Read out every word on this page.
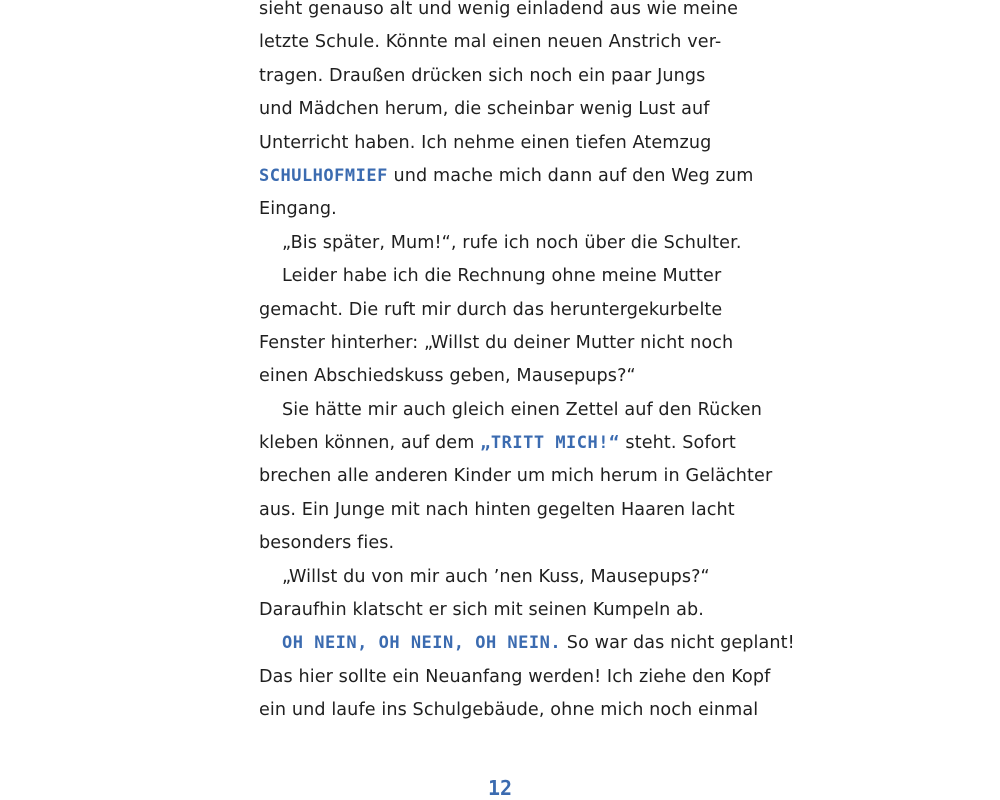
sieht genauso alt und wenig einladend aus wie meine
letzte Schule. Könnte mal einen neuen Anstrich ver-
tragen. Draußen drücken sich noch ein paar Jungs
und Mädchen herum, die scheinbar wenig Lust auf
Unterricht haben. Ich nehme einen tiefen Atemzug
SCHULHOFMIEF und mache mich dann auf den Weg zum
Eingang.
„Bis später, Mum!“, rufe ich noch über die Schulter.
Leider habe ich die Rechnung ohne meine Mutter
gemacht. Die ruft mir durch das heruntergekurbelte
Fenster hinterher: „Willst du deiner Mutter nicht noch
einen Abschiedskuss geben, Mausepups?“
Sie hätte mir auch gleich einen Zettel auf den Rücken
kleben können, auf dem „TRITT MICH!“ steht. Sofort
brechen alle anderen Kinder um mich herum in Gelächter
aus. Ein Junge mit nach hinten gegelten Haaren lacht
besonders fies.
„Willst du von mir auch ’nen Kuss, Mausepups?“
Daraufhin klatscht er sich mit seinen Kumpeln ab.
OH NEIN, OH NEIN, OH NEIN. So war das nicht geplant!
Das hier sollte ein Neuanfang werden! Ich ziehe den Kopf
ein und laufe ins Schulgebäude, ohne mich noch einmal
12
